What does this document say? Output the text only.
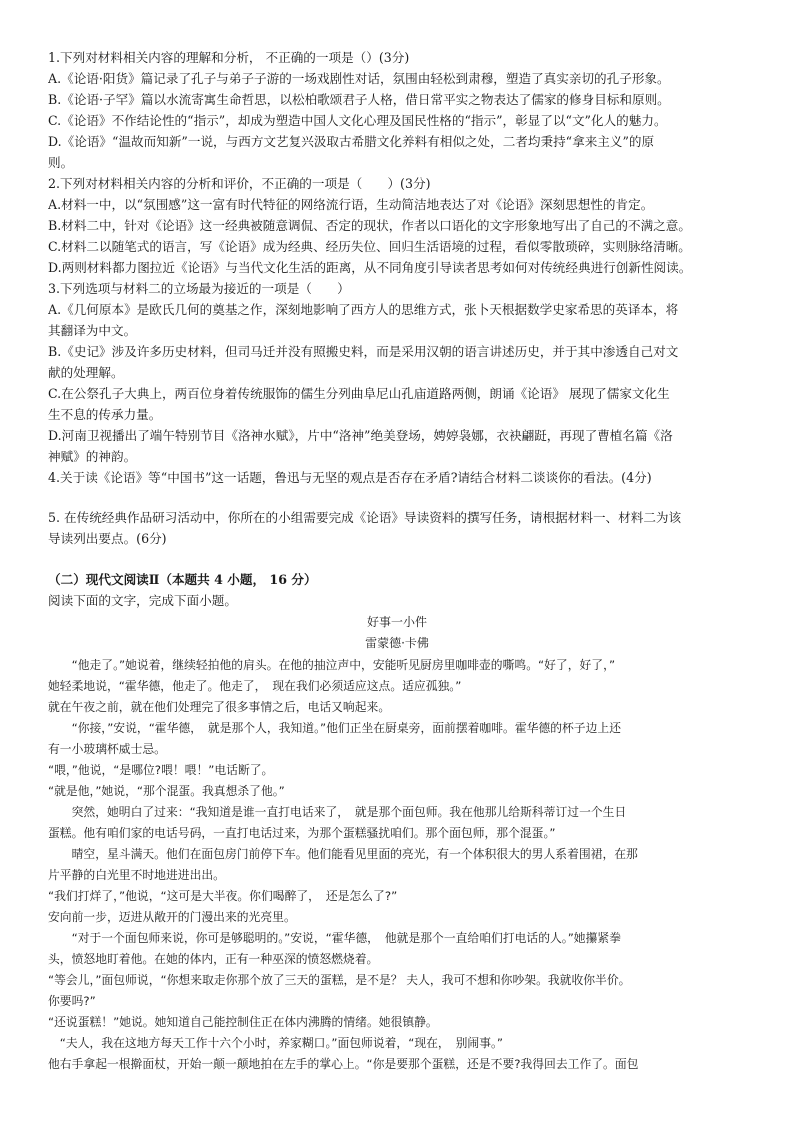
1.下列对材料相关内容的理解和分析， 不正确的一项是（）(3分)
A.《论语·阳货》篇记录了孔子与弟子子游的一场戏剧性对话，氛围由轻松到肃穆，塑造了真实亲切的孔子形象。
B.《论语·子罕》篇以水流寄寓生命哲思，以松柏歌颂君子人格，借日常平实之物表达了儒家的修身目标和原则。
C.《论语》不作结论性的“指示”，却成为塑造中国人文化心理及国民性格的“指示”，彰显了以“文”化人的魅力。
D.《论语》“温故而知新”一说，与西方文艺复兴汲取古希腊文化养料有相似之处，二者均秉持“拿来主义”的原
则。
2.下列对材料相关内容的分析和评价，不正确的一项是（　　）(3分)
A.材料一中，以“氛围感”这一富有时代特征的网络流行语，生动简洁地表达了对《论语》深刻思想性的肯定。
B.材料二中，针对《论语》这一经典被随意调侃、否定的现状，作者以口语化的文字形象地写出了自己的不满之意。
C.材料二以随笔式的语言，写《论语》成为经典、经历失位、回归生活语境的过程，看似零散琐碎，实则脉络清晰。
D.两则材料都力图拉近《论语》与当代文化生活的距离，从不同角度引导读者思考如何对传统经典进行创新性阅读。
3.下列选项与材料二的立场最为接近的一项是（　　）
A.《几何原本》是欧氏几何的奠基之作，深刻地影响了西方人的思维方式，张卜天根据数学史家希思的英译本，将
其翻译为中文。
B.《史记》涉及许多历史材料，但司马迁并没有照搬史料，而是采用汉朝的语言讲述历史，并于其中渗透自己对文
献的处理解。
C.在公祭孔子大典上，两百位身着传统服饰的儒生分列曲阜尼山孔庙道路两侧，朗诵《论语》 展现了儒家文化生
生不息的传承力量。
D.河南卫视播出了端午特别节目《洛神水赋》，片中“洛神”绝美登场，娉婷袅娜，衣袂翩跹，再现了曹植名篇《洛
神赋》的神韵。
4.关于读《论语》等“中国书”这一话题，鲁迅与无坚的观点是否存在矛盾?请结合材料二谈谈你的看法。(4分)
5. 在传统经典作品研习活动中，你所在的小组需要完成《论语》导读资料的撰写任务，请根据材料一、材料二为该
导读列出要点。(6分)
（二）现代文阅读Ⅱ（本题共 4 小题， 16 分）
阅读下面的文字，完成下面小题。
好事一小件
雷蒙德·卡佛
　　“他走了。”她说着，继续轻拍他的肩头。在他的抽泣声中，安能听见厨房里咖啡壶的嘶鸣。“好了，好了，”
她轻柔地说，“霍华德，他走了。他走了，　现在我们必须适应这点。适应孤独。”
就在午夜之前，就在他们处理完了很多事情之后，电话又响起来。
　　“你接，”安说，“霍华德，　就是那个人，我知道。”他们正坐在厨桌旁，面前摆着咖啡。霍华德的杯子边上还
有一小玻璃杯威士忌。
“喂，”他说，“是哪位?喂！喂！”电话断了。
“就是他，”她说，“那个混蛋。我真想杀了他。”
　　突然，她明白了过来：“我知道是谁一直打电话来了，　就是那个面包师。我在他那儿给斯科蒂订过一个生日
蛋糕。他有咱们家的电话号码，一直打电话过来，为那个蛋糕骚扰咱们。那个面包师，那个混蛋。”
　　晴空，星斗满天。他们在面包房门前停下车。他们能看见里面的亮光，有一个体积很大的男人系着围裙，在那
片平静的白光里不时地进进出出。
“我们打烊了，”他说，“这可是大半夜。你们喝醉了，　还是怎么了?”
安向前一步，迈进从敞开的门漫出来的光亮里。
　　“对于一个面包师来说，你可是够聪明的。”安说，“霍华德，　他就是那个一直给咱们打电话的人。”她攥紧拳
头，愤怒地盯着他。在她的体内，正有一种巫深的愤怒燃烧着。
“等会儿，”面包师说，“你想来取走你那个放了三天的蛋糕，是不是？ 夫人，我可不想和你吵架。我就收你半价。
你要吗?”
“还说蛋糕！”她说。她知道自己能控制住正在体内沸腾的情绪。她很镇静。
　“夫人，我在这地方每天工作十六个小时，养家糊口。”面包师说着，“现在，　别闹事。”
他右手拿起一根擀面杖，开始一颠一颠地拍在左手的掌心上。“你是要那个蛋糕，还是不要?我得回去工作了。面包
